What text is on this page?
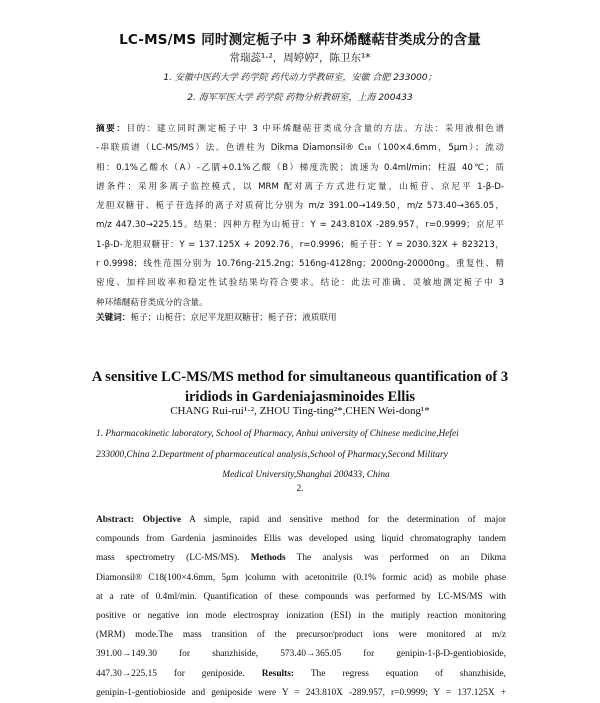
LC-MS/MS 同时测定栀子中 3 种环烯醚萜苷类成分的含量
常瑞蕊¹·²，周婷婷²，陈卫东¹*
1. 安徽中医药大学 药学院 药代动力学教研室，安徽 合肥 233000；
2. 海军军医大学 药学院 药物分析教研室，上海 200433
摘要：目的：建立同时测定栀子中 3 中环烯醚萜苷类成分含量的方法。方法：采用液相色谱
-串联质谱（LC-MS/MS）法。色谱柱为 Dikma Diamonsil® C₁₈（100×4.6mm，5μm）；流动
相：0.1%乙酸水（A）-乙腈+0.1%乙酸（B）梯度洗脱；流速为 0.4ml/min；柱温 40℃；质
谱条件：采用多离子监控模式，以 MRM 配对离子方式进行定量，山栀苷、京尼平 1-β-D-
龙胆双糖苷、栀子苷选择的离子对质荷比分别为 m/z 391.00→149.50，m/z 573.40→365.05，
m/z 447.30→225.15。结果：四种方程为山栀苷：Y = 243.810X -289.957，r=0.9999；京尼平
1-β-D-龙胆双糖苷：Y = 137.125X + 2092.76，r=0.9996；栀子苷：Y = 2030.32X + 823213，
r 0.9998；线性范围分别为 10.76ng-215.2ng；516ng-4128ng；2000ng-20000ng。重复性、精
密度、加样回收率和稳定性试验结果均符合要求。结论：此法可准确、灵敏地测定栀子中 3
种环烯醚萜苷类成分的含量。
关键词：栀子；山栀苷；京尼平龙胆双糖苷；栀子苷；液质联用
A sensitive LC-MS/MS method for simultaneous quantification of 3
iridiods in Gardeniajasminoides Ellis
CHANG Rui-rui¹·², ZHOU Ting-ting²*,CHEN Wei-dong¹*
1. Pharmacokinetic laboratory, School of Pharmacy, Anhui university of Chinese medicine,Hefei
233000,China 2.Department of pharmaceutical analysis,School of Pharmacy,Second Military
Medical University,Shanghai 200433, China
2.
Abstract: Objective A simple, rapid and sensitive method for the determination of major
compounds from Gardenia jasminoides Ellis was developed using liquid chromatography tandem
mass spectrometry (LC-MS/MS). Methods The analysis was performed on an Dikma
Diamonsil® C18(100×4.6mm, 5μm )column with acetonitrile (0.1% formic acid) as mobile phase
at a rate of 0.4ml/min. Quantification of these compounds was performed by LC-MS/MS with
positive or negative ion mode electrospray ionization (ESI) in the mutiply reaction monitoring
(MRM) mode.The mass transition of the precursor/product ions were monitored at m/z
391.00→149.30 for shanzhiside, 573.40→365.05 for genipin-1-β-D-gentiobioside,
447.30→225.15 for geniposide. Results: The regress equation of shanzhiside,
genipin-1-gentiobioside and geniposide were Y = 243.810X -289.957, r=0.9999; Y = 137.125X +
